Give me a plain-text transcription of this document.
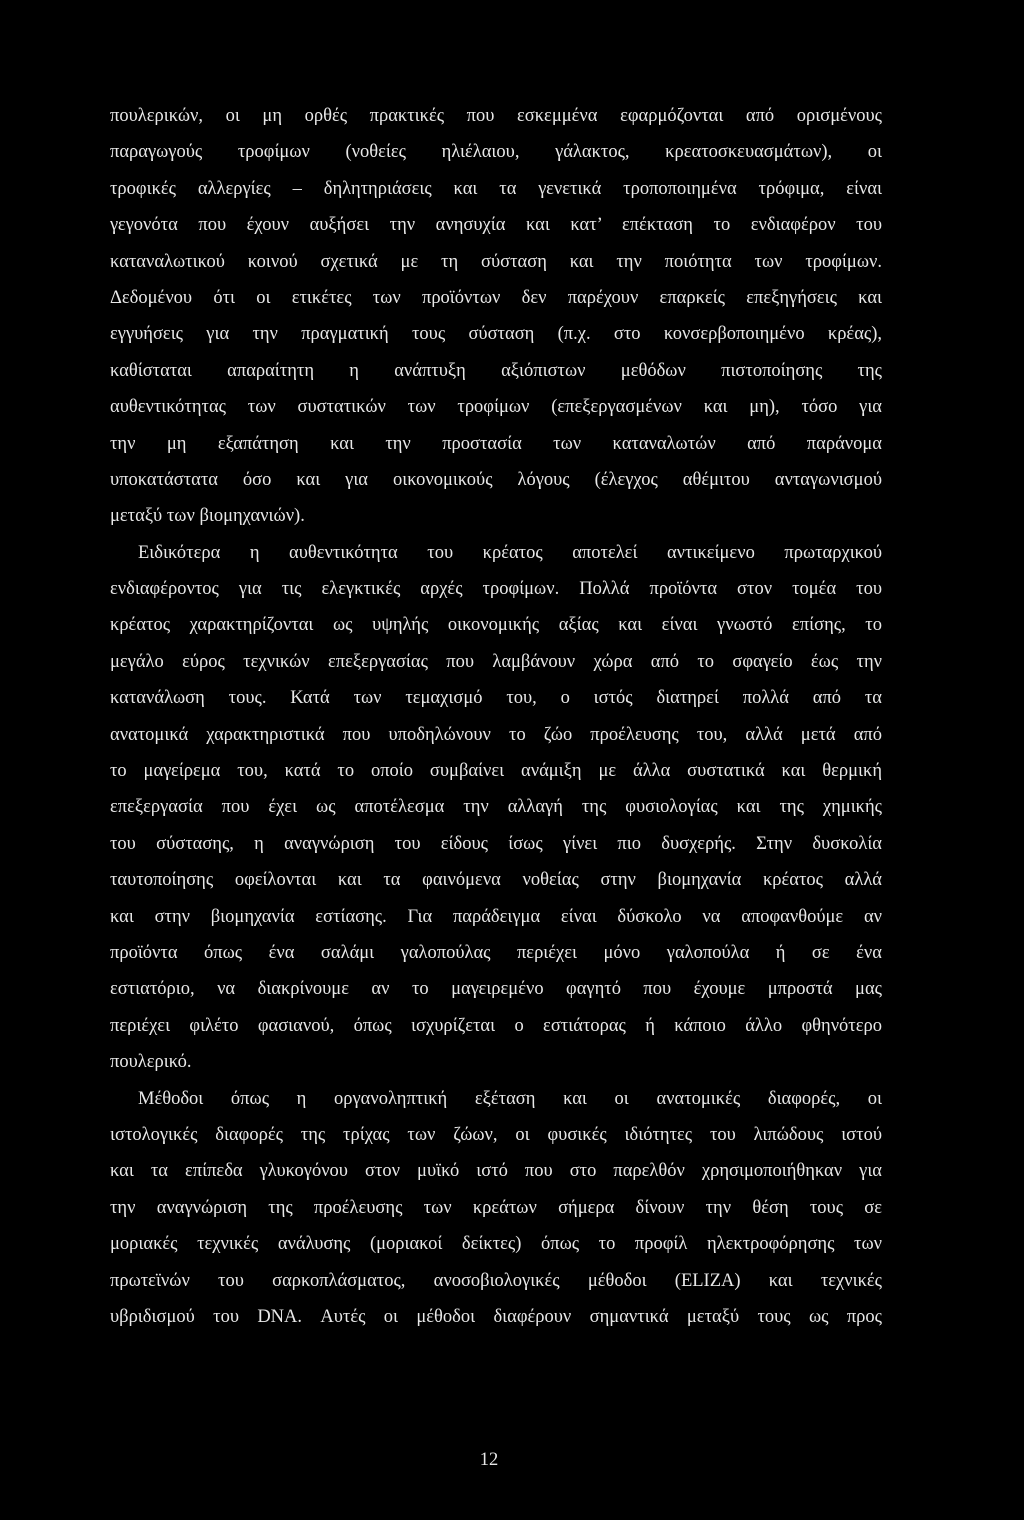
πουλερικών, οι μη ορθές πρακτικές που εσκεμμένα εφαρμόζονται από ορισμένους
παραγωγούς τροφίμων (νοθείες ηλιέλαιου, γάλακτος, κρεατοσκευασμάτων), οι
τροφικές αλλεργίες – δηλητηριάσεις και τα γενετικά τροποποιημένα τρόφιμα, είναι
γεγονότα που έχουν αυξήσει την ανησυχία και κατ’ επέκταση το ενδιαφέρον του
καταναλωτικού κοινού σχετικά με τη σύσταση και την ποιότητα των τροφίμων.
Δεδομένου ότι οι ετικέτες των προϊόντων δεν παρέχουν επαρκείς επεξηγήσεις και
εγγυήσεις για την πραγματική τους σύσταση (π.χ. στο κονσερβοποιημένο κρέας),
καθίσταται απαραίτητη η ανάπτυξη αξιόπιστων μεθόδων πιστοποίησης της
αυθεντικότητας των συστατικών των τροφίμων (επεξεργασμένων και μη), τόσο για
την μη εξαπάτηση και την προστασία των καταναλωτών από παράνομα
υποκατάστατα όσο και για οικονομικούς λόγους (έλεγχος αθέμιτου ανταγωνισμού
μεταξύ των βιομηχανιών).
Ειδικότερα η αυθεντικότητα του κρέατος αποτελεί αντικείμενο πρωταρχικού
ενδιαφέροντος για τις ελεγκτικές αρχές τροφίμων. Πολλά προϊόντα στον τομέα του
κρέατος χαρακτηρίζονται ως υψηλής οικονομικής αξίας και είναι γνωστό επίσης, το
μεγάλο εύρος τεχνικών επεξεργασίας που λαμβάνουν χώρα από το σφαγείο έως την
κατανάλωση τους. Κατά των τεμαχισμό του, ο ιστός διατηρεί πολλά από τα
ανατομικά χαρακτηριστικά που υποδηλώνουν το ζώο προέλευσης του, αλλά μετά από
το μαγείρεμα του, κατά το οποίο συμβαίνει ανάμιξη με άλλα συστατικά και θερμική
επεξεργασία που έχει ως αποτέλεσμα την αλλαγή της φυσιολογίας και της χημικής
του σύστασης, η αναγνώριση του είδους ίσως γίνει πιο δυσχερής. Στην δυσκολία
ταυτοποίησης οφείλονται και τα φαινόμενα νοθείας στην βιομηχανία κρέατος αλλά
και στην βιομηχανία εστίασης. Για παράδειγμα είναι δύσκολο να αποφανθούμε αν
προϊόντα όπως ένα σαλάμι γαλοπούλας περιέχει μόνο γαλοπούλα ή σε ένα
εστιατόριο, να διακρίνουμε αν το μαγειρεμένο φαγητό που έχουμε μπροστά μας
περιέχει φιλέτο φασιανού, όπως ισχυρίζεται ο εστιάτορας ή κάποιο άλλο φθηνότερο
πουλερικό.
Μέθοδοι όπως η οργανοληπτική εξέταση και οι ανατομικές διαφορές, οι
ιστολογικές διαφορές της τρίχας των ζώων, οι φυσικές ιδιότητες του λιπώδους ιστού
και τα επίπεδα γλυκογόνου στον μυϊκό ιστό που στο παρελθόν χρησιμοποιήθηκαν για
την αναγνώριση της προέλευσης των κρεάτων σήμερα δίνουν την θέση τους σε
μοριακές τεχνικές ανάλυσης (μοριακοί δείκτες) όπως το προφίλ ηλεκτροφόρησης των
πρωτεϊνών του σαρκοπλάσματος, ανοσοβιολογικές μέθοδοι (ELIZA) και τεχνικές
υβριδισμού του DNA. Αυτές οι μέθοδοι διαφέρουν σημαντικά μεταξύ τους ως προς
12
